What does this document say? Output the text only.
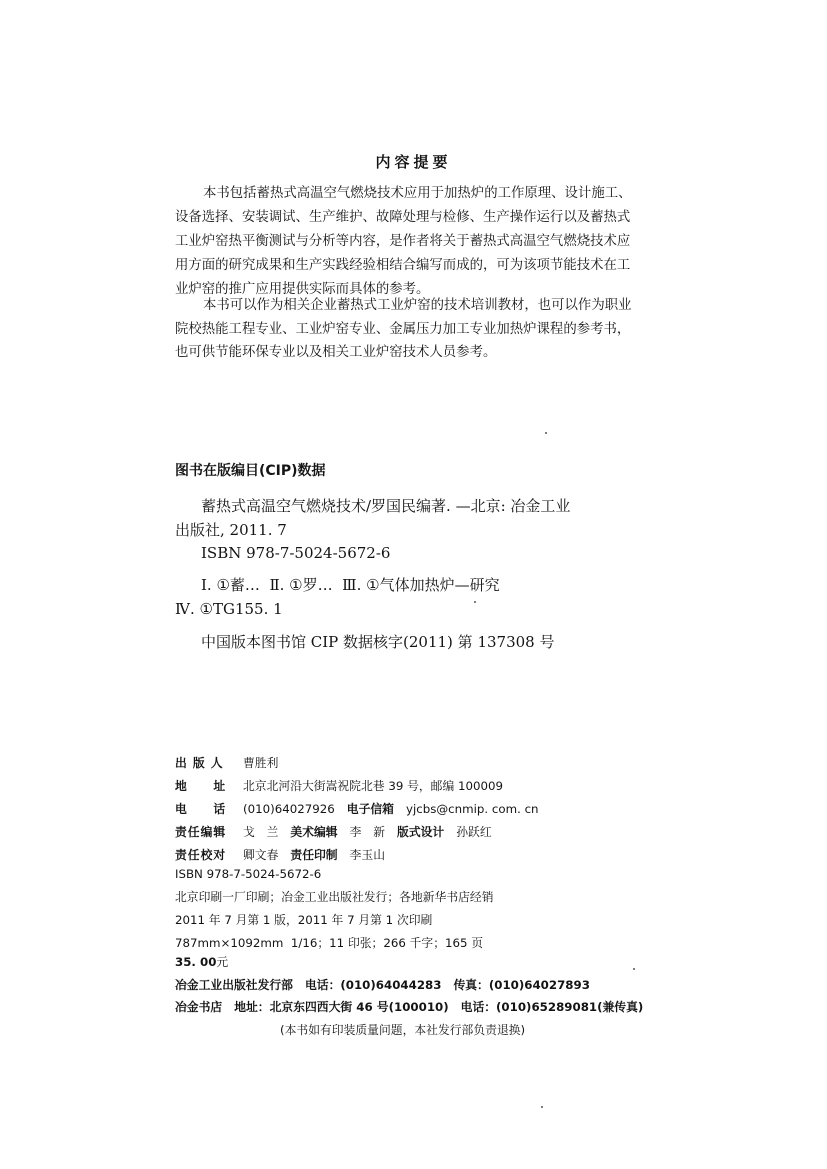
内容提要

本书包括蓄热式高温空气燃烧技术应用于加热炉的工作原理、设计施工、

设备选择、安装调试、生产维护、故障处理与检修、生产操作运行以及蓄热式

工业炉窑热平衡测试与分析等内容，是作者将关于蓄热式高温空气燃烧技术应

用方面的研究成果和生产实践经验相结合编写而成的，可为该项节能技术在工

业炉窑的推广应用提供实际而具体的参考。

本书可以作为相关企业蓄热式工业炉窑的技术培训教材，也可以作为职业

院校热能工程专业、工业炉窑专业、金属压力加工专业加热炉课程的参考书，

也可供节能环保专业以及相关工业炉窑技术人员参考。

图书在版编目(CIP)数据
蓄热式高温空气燃烧技术/罗国民编著. —北京: 冶金工业
出版社, 2011. 7
ISBN 978-7-5024-5672-6
Ⅰ. ①蓄…  Ⅱ. ①罗…  Ⅲ. ①气体加热炉—研究
Ⅳ. ①TG155. 1
中国版本图书馆 CIP 数据核字(2011) 第 137308 号
出 版 人 曹胜利
地　　址 北京北河沿大街嵩祝院北巷 39 号，邮编 100009
电　　话 (010)64027926 电子信箱 yjcbs@cnmip. com. cn
责任编辑 戈　兰 美术编辑 李　新 版式设计 孙跃红
责任校对 卿文春 责任印制 李玉山
ISBN 978-7-5024-5672-6
北京印刷一厂印刷；冶金工业出版社发行；各地新华书店经销
2011 年 7 月第 1 版，2011 年 7 月第 1 次印刷
787mm×1092mm  1/16；11 印张；266 千字；165 页
35. 00元
冶金工业出版社发行部 电话：(010)64044283 传真：(010)64027893
冶金书店 地址：北京东四西大街 46 号(100010) 电话：(010)65289081(兼传真)
(本书如有印装质量问题，本社发行部负责退换)
